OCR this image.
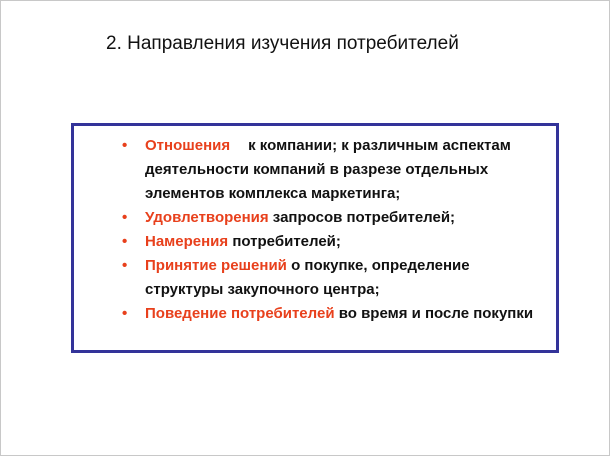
2. Направления изучения потребителей
• Отношения к компании; к различным аспектам деятельности компаний в разрезе отдельных элементов комплекса маркетинга;
• Удовлетворения запросов потребителей;
• Намерения потребителей;
• Принятие решений о покупке, определение структуры закупочного центра;
• Поведение потребителей во время и после покупки
